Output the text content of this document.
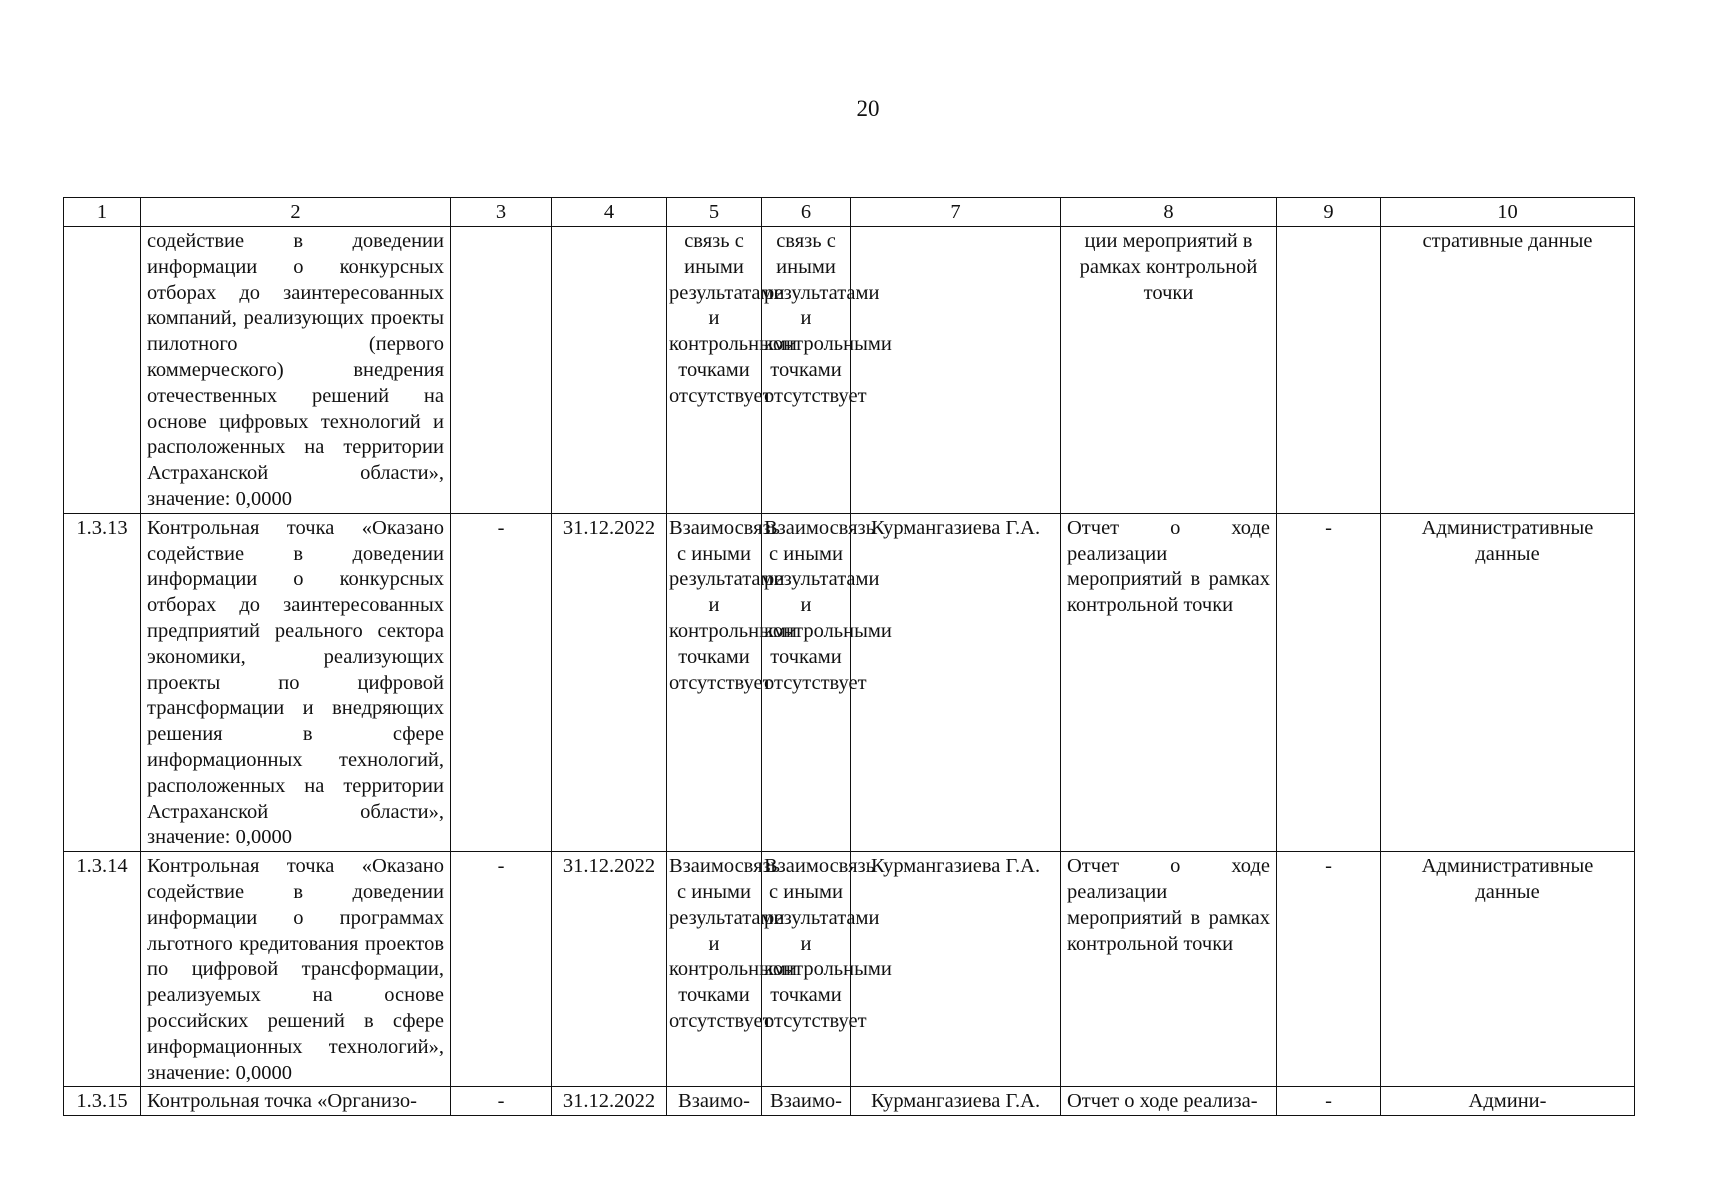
20
1	2	3	4	5	6	7	8	9	10
	содействие в доведении информации о конкурсных отборах до заинтересованных компаний, реализующих проекты пилотного (первого коммерческого) внедрения отечественных решений на основе цифровых технологий и расположенных на территории Астраханской области», значение: 0,0000			связь с иными результатами и контрольными точками отсутствует	связь с иными результатами и контрольными точками отсутствует		ции мероприятий в рамках контрольной точки		стративные данные
1.3.13	Контрольная точка «Оказано содействие в доведении информации о конкурсных отборах до заинтересованных предприятий реального сектора экономики, реализующих проекты по цифровой трансформации и внедряющих решения в сфере информационных технологий, расположенных на территории Астраханской области», значение: 0,0000	-	31.12.2022	Взаимосвязь с иными результатами и контрольными точками отсутствует	Взаимосвязь с иными результатами и контрольными точками отсутствует	Курмангазиева Г.А.	Отчет о ходе реализации мероприятий в рамках контрольной точки	-	Административные данные
1.3.14	Контрольная точка «Оказано содействие в доведении информации о программах льготного кредитования проектов по цифровой трансформации, реализуемых на основе российских решений в сфере информационных технологий», значение: 0,0000	-	31.12.2022	Взаимосвязь с иными результатами и контрольными точками отсутствует	Взаимосвязь с иными результатами и контрольными точками отсутствует	Курмангазиева Г.А.	Отчет о ходе реализации мероприятий в рамках контрольной точки	-	Административные данные
1.3.15	Контрольная точка «Организо-	-	31.12.2022	Взаимо-	Взаимо-	Курмангазиева Г.А.	Отчет о ходе реализа-	-	Админи-
